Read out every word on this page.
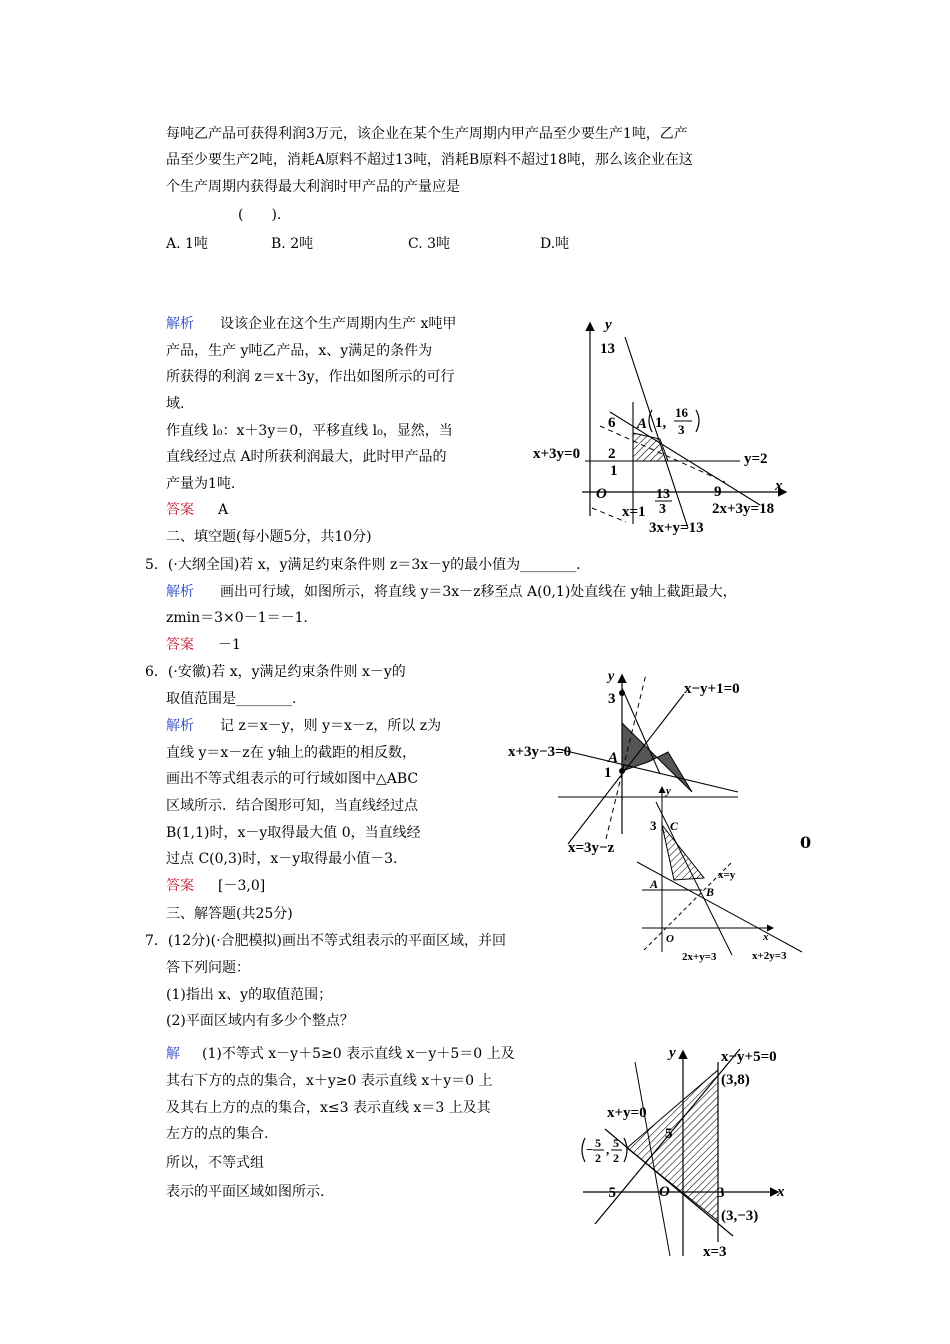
每吨乙产品可获得利润3万元，该企业在某个生产周期内甲产品至少要生产1吨，乙产
品至少要生产2吨，消耗A原料不超过13吨，消耗B原料不超过18吨，那么该企业在这
个生产周期内获得最大利润时甲产品的产量应是
(　　).
A. 1吨	B. 2吨	C. 3吨	D.吨
解析 设该企业在这个生产周期内生产 x吨甲
产品，生产 y吨乙产品，x、y满足的条件为
所获得的利润 z＝x＋3y，作出如图所示的可行
域.
作直线 l₀：x＋3y＝0，平移直线 l₀，显然，当
直线经过点 A时所获利润最大，此时甲产品的
产量为1吨.
答案 A
y
x
O
13
6
2
1
A 1,
16
3
x+3y=0	y=2
13
3
9
2x+3y=18
x=1
3x+y=13
二、填空题(每小题5分，共10分)
5．(·大纲全国)若 x，y满足约束条件则 z＝3x－y的最小值为________．
解析 画出可行域，如图所示，将直线 y＝3x－z移至点 A(0,1)处直线在 y轴上截距最大，
zmin＝3×0－1＝－1.
答案 －1
6．(·安徽)若 x，y满足约束条件则 x－y的
取值范围是________.
解析 记 z＝x－y，则 y＝x－z，所以 z为
直线 y＝x－z在 y轴上的截距的相反数，
画出不等式组表示的可行域如图中△ABC
区域所示．结合图形可知，当直线经过点
B(1,1)时，x－y取得最大值 0，当直线经
过点 C(0,3)时，x－y取得最小值－3.
答案 [－3,0]
0
y
3
1
A
x−y+1=0
x+3y−3=0
x=3y−z
y
x
O
3 C
A
B
x=y
2x+y=3	x+2y=3
三、解答题(共25分)
7．(12分)(·合肥模拟)画出不等式组表示的平面区域，并回
答下列问题：
(1)指出 x、y的取值范围；
(2)平面区域内有多少个整点？
解 (1)不等式 x－y＋5≥0 表示直线 x－y＋5＝0 上及
其右下方的点的集合，x＋y≥0 表示直线 x＋y＝0 上
及其右上方的点的集合，x≤3 表示直线 x＝3 上及其
左方的点的集合.
所以，不等式组
表示的平面区域如图所示.
y
x
O
x−y+5=0
(3,8)
x+y=0
5
−5	3
− 5
2
, 5
2
(3,−3)
x=3
